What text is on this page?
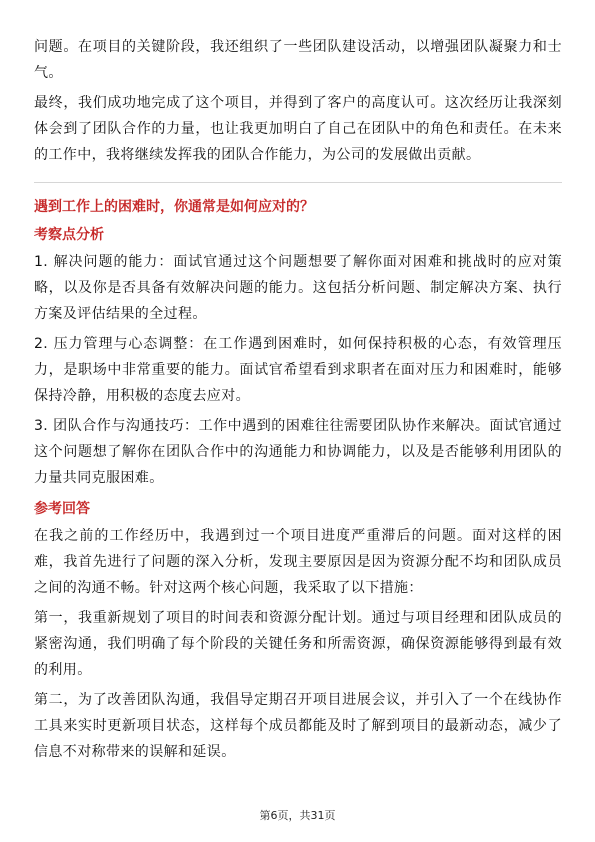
问题。在项目的关键阶段，我还组织了一些团队建设活动，以增强团队凝聚力和士气。

最终，我们成功地完成了这个项目，并得到了客户的高度认可。这次经历让我深刻体会到了团队合作的力量，也让我更加明白了自己在团队中的角色和责任。在未来的工作中，我将继续发挥我的团队合作能力，为公司的发展做出贡献。

遇到工作上的困难时，你通常是如何应对的？
考察点分析

1. 解决问题的能力：面试官通过这个问题想要了解你面对困难和挑战时的应对策略，以及你是否具备有效解决问题的能力。这包括分析问题、制定解决方案、执行方案及评估结果的全过程。

2. 压力管理与心态调整：在工作遇到困难时，如何保持积极的心态，有效管理压力，是职场中非常重要的能力。面试官希望看到求职者在面对压力和困难时，能够保持冷静，用积极的态度去应对。

3. 团队合作与沟通技巧：工作中遇到的困难往往需要团队协作来解决。面试官通过这个问题想了解你在团队合作中的沟通能力和协调能力，以及是否能够利用团队的力量共同克服困难。

参考回答

在我之前的工作经历中，我遇到过一个项目进度严重滞后的问题。面对这样的困难，我首先进行了问题的深入分析，发现主要原因是因为资源分配不均和团队成员之间的沟通不畅。针对这两个核心问题，我采取了以下措施：

第一，我重新规划了项目的时间表和资源分配计划。通过与项目经理和团队成员的紧密沟通，我们明确了每个阶段的关键任务和所需资源，确保资源能够得到最有效的利用。

第二，为了改善团队沟通，我倡导定期召开项目进展会议，并引入了一个在线协作工具来实时更新项目状态，这样每个成员都能及时了解到项目的最新动态，减少了信息不对称带来的误解和延误。

第6页，共31页
